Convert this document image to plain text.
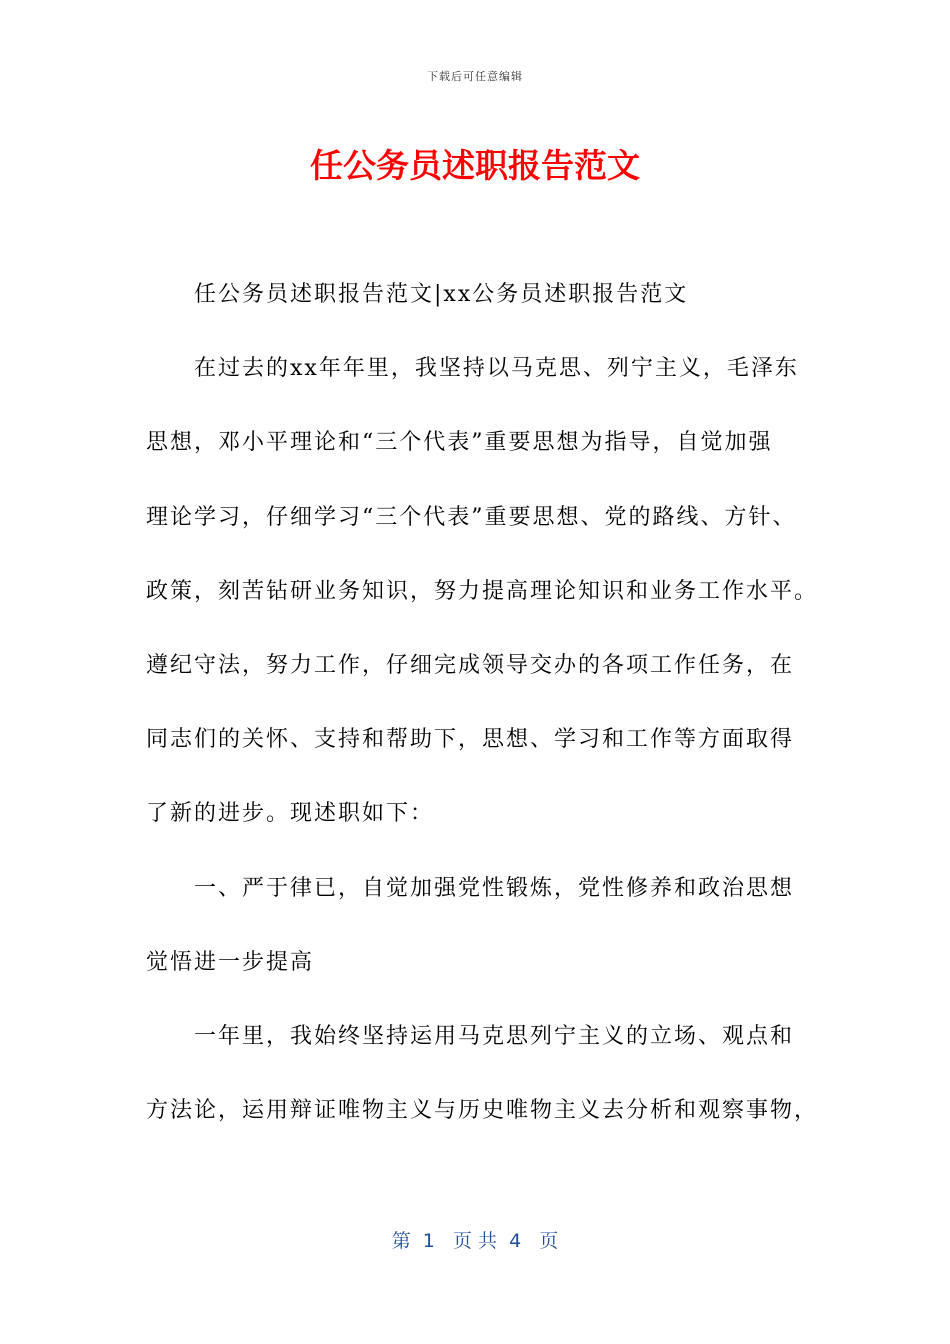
下载后可任意编辑
任公务员述职报告范文
任公务员述职报告范文|xx公务员述职报告范文
在过去的xx年年里，我坚持以马克思、列宁主义，毛泽东
思想，邓小平理论和“三个代表”重要思想为指导，自觉加强
理论学习，仔细学习“三个代表”重要思想、党的路线、方针、
政策，刻苦钻研业务知识，努力提高理论知识和业务工作水平。
遵纪守法，努力工作，仔细完成领导交办的各项工作任务，在
同志们的关怀、支持和帮助下，思想、学习和工作等方面取得
了新的进步。现述职如下：
一、严于律已，自觉加强党性锻炼，党性修养和政治思想
觉悟进一步提高
一年里，我始终坚持运用马克思列宁主义的立场、观点和
方法论，运用辩证唯物主义与历史唯物主义去分析和观察事物，
第  1   页 共  4   页
